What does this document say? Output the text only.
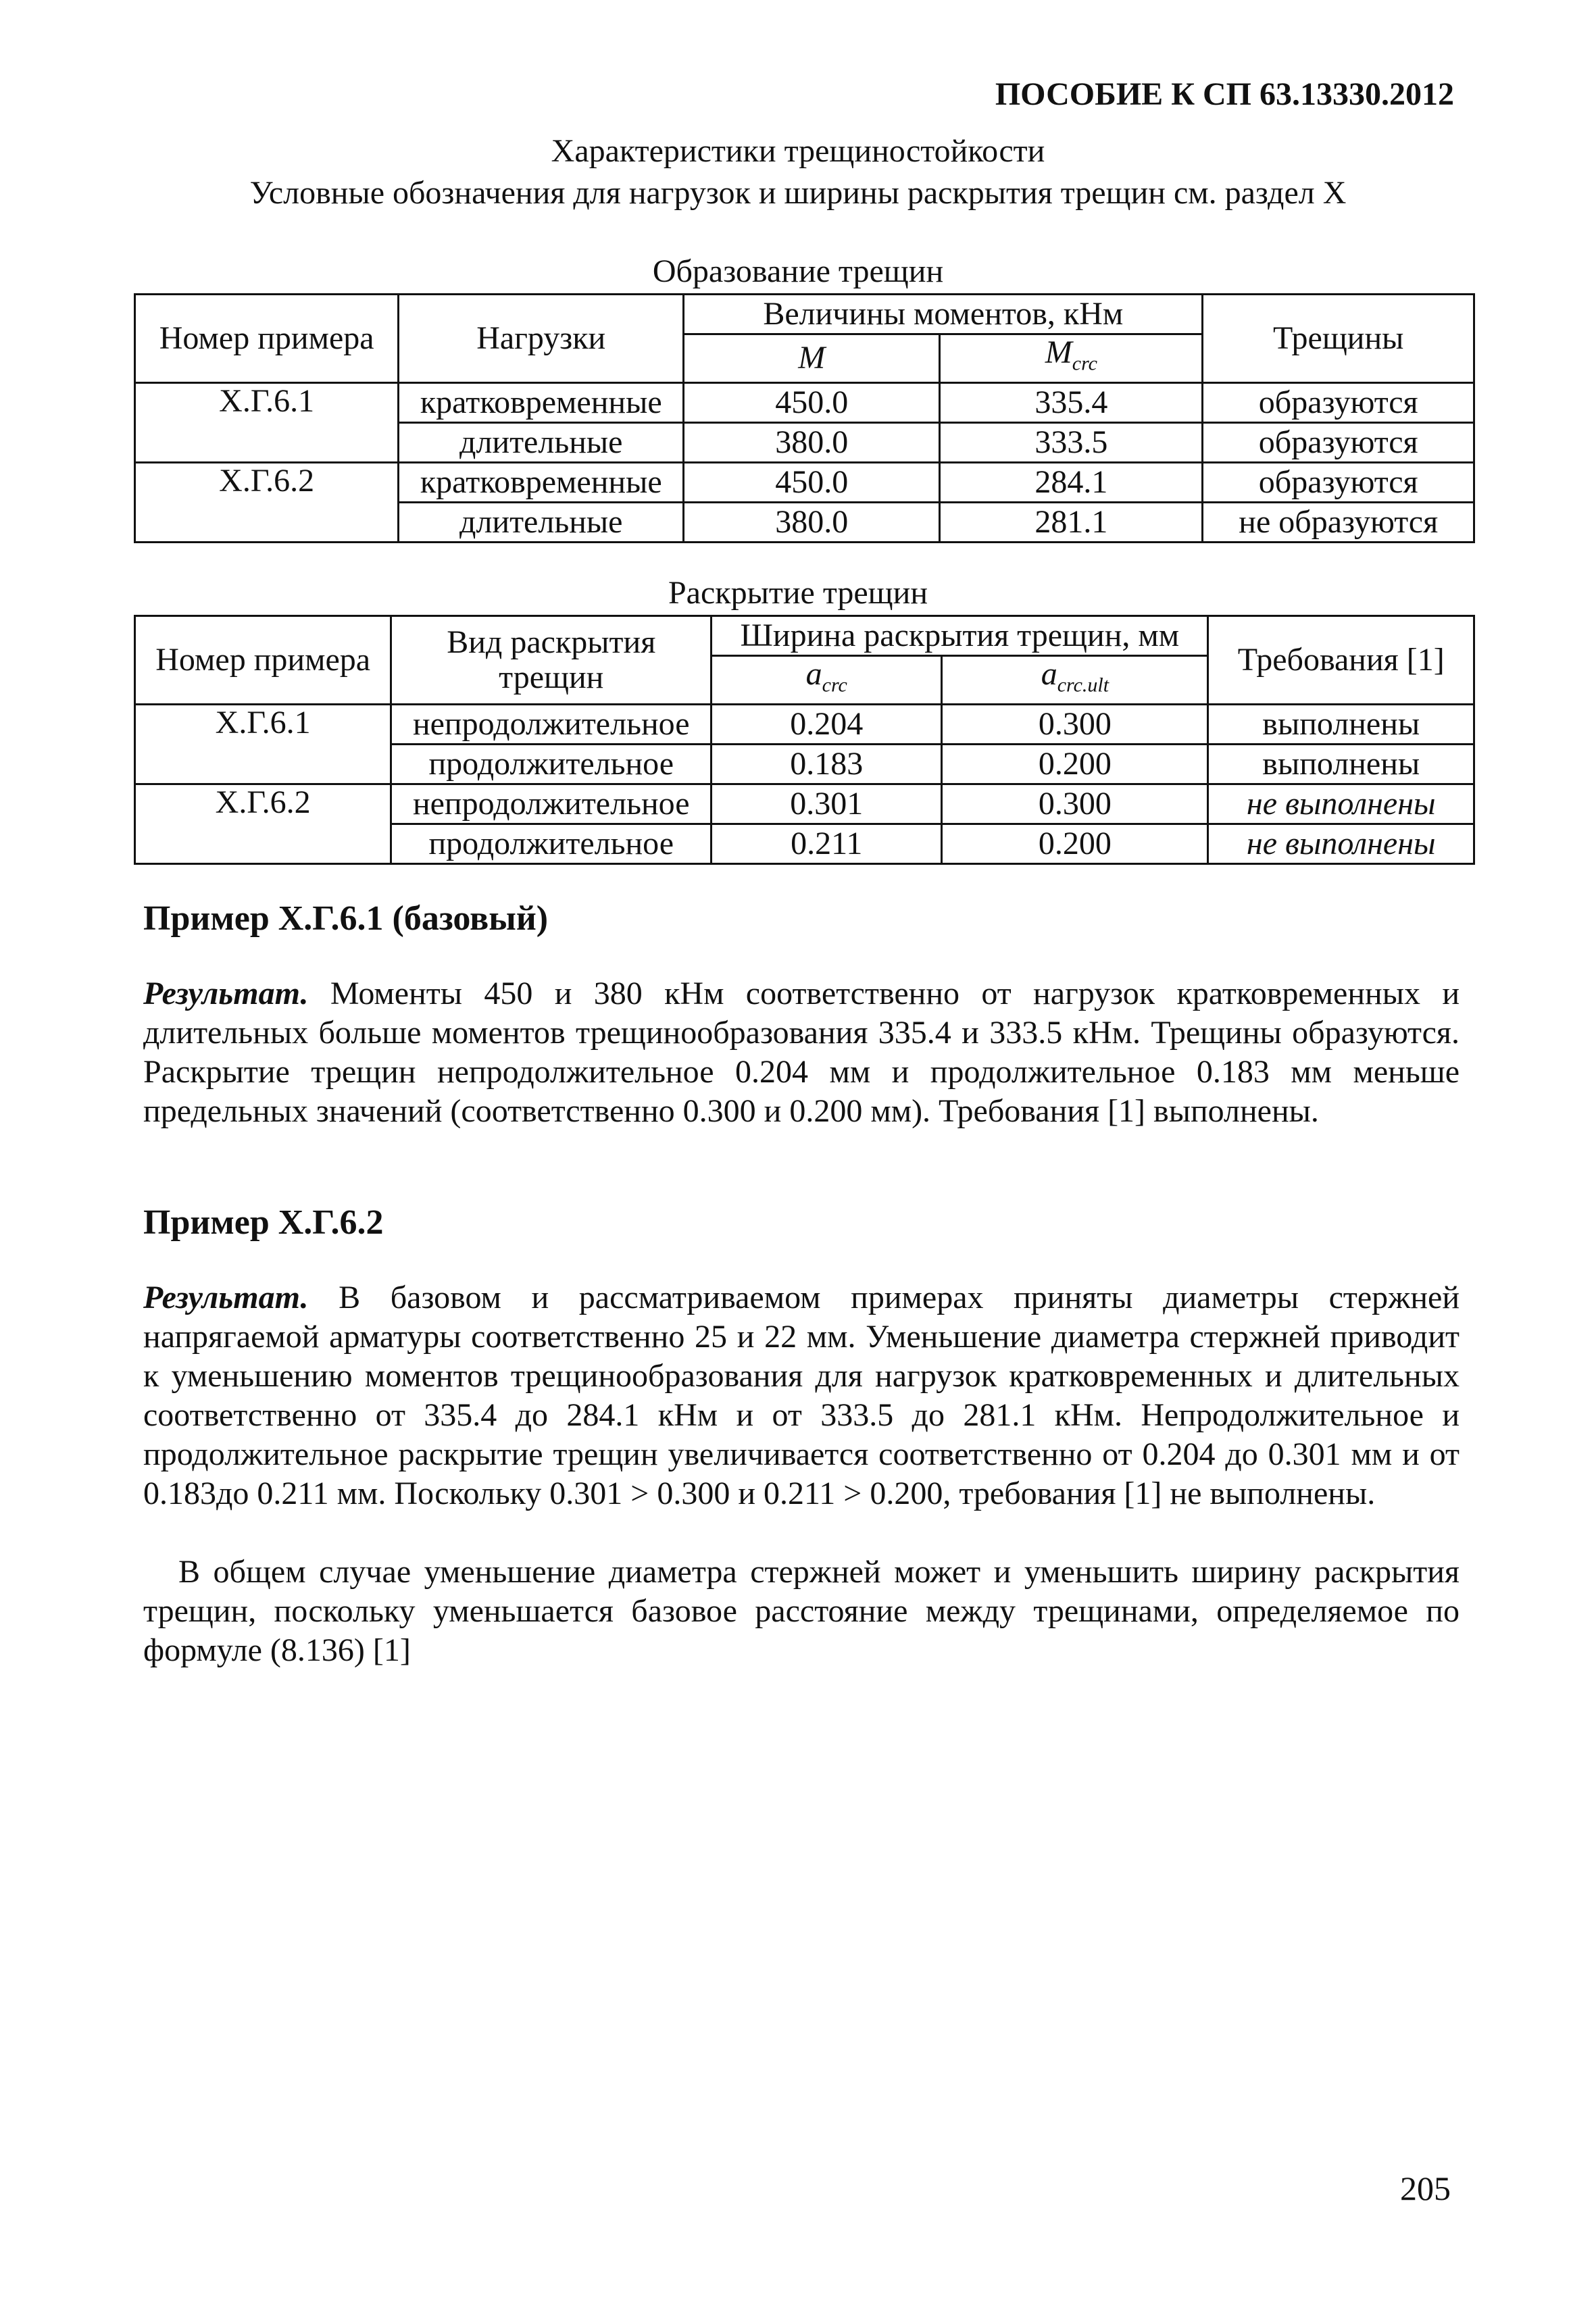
ПОСОБИЕ К СП 63.13330.2012
Характеристики трещиностойкости
Условные обозначения для нагрузок и ширины раскрытия трещин см. раздел X
Образование трещин
Номер примера	Нагрузки	Величины моментов, кНм		Трещины
		M	$M_{crc}$
Х.Г.6.1	кратковременные	450.0	335.4	образуются
	длительные	380.0	333.5	образуются
Х.Г.6.2	кратковременные	450.0	284.1	образуются
	длительные	380.0	281.1	не образуются
Раскрытие трещин
Номер примера	Вид раскрытия трещин	Ширина раскрытия трещин, мм		Требования [1]
		$a_{crc}$	$a_{crc.ult}$
Х.Г.6.1	непродолжительное	0.204	0.300	выполнены
	продолжительное	0.183	0.200	выполнены
Х.Г.6.2	непродолжительное	0.301	0.300	не выполнены
	продолжительное	0.211	0.200	не выполнены
Пример Х.Г.6.1 (базовый)
Результат. Моменты 450 и 380 кНм соответственно от нагрузок кратковременных и длительных больше моментов трещинообразования 335.4 и 333.5 кНм. Трещины образуются. Раскрытие трещин непродолжительное 0.204 мм и продолжительное 0.183 мм меньше предельных значений (соответственно 0.300 и 0.200 мм). Требования [1] выполнены.
Пример Х.Г.6.2
Результат. В базовом и рассматриваемом примерах приняты диаметры стержней напрягаемой арматуры соответственно 25 и 22 мм. Уменьшение диаметра стержней приводит к уменьшению моментов трещинообразования для нагрузок кратковременных и длительных соответственно от 335.4 до 284.1 кНм и от 333.5 до 281.1 кНм. Непродолжительное и продолжительное раскрытие трещин увеличивается соответственно от 0.204 до 0.301 мм и от 0.183до 0.211 мм. Поскольку 0.301 > 0.300 и 0.211 > 0.200, требования [1] не выполнены.
В общем случае уменьшение диаметра стержней может и уменьшить ширину раскрытия трещин, поскольку уменьшается базовое расстояние между трещинами, определяемое по формуле (8.136) [1]
205
